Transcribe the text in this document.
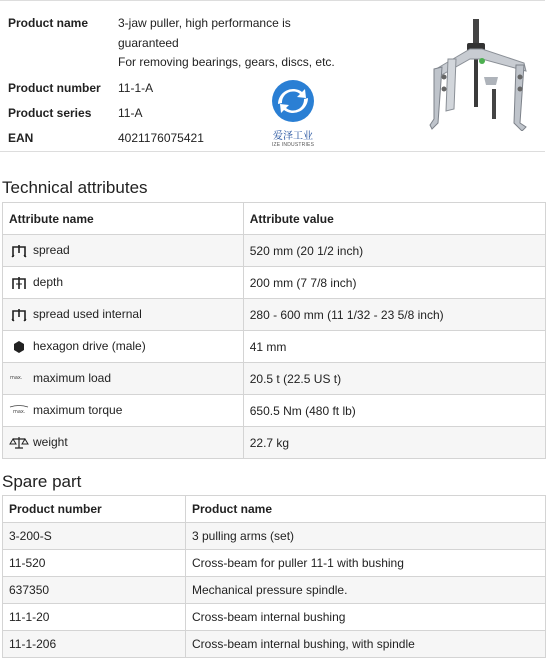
Product name 3-jaw puller, high performance is
guaranteed
For removing bearings, gears, discs, etc.
Product number 11-1-A
Product series 11-A
EAN	4021176075421	爱泽工业
IZE INDUSTRIES
Technical attributes
Attribute name	Attribute value

spread	520 mm (20 1/2 inch)

depth	200 mm (7 7/8 inch)

spread used internal	280 - 600 mm (11 1/32 - 23 5/8 inch)

hexagon drive (male)	41 mm

max. maximum load	20.5 t (22.5 US t)

max. maximum torque	650.5 Nm (480 ft lb)

weight	22.7 kg
Spare part
Product number	Product name
3-200-S	3 pulling arms (set)
11-520	Cross-beam for puller 11-1 with bushing
637350	Mechanical pressure spindle.
11-1-20	Cross-beam internal bushing
11-1-206	Cross-beam internal bushing, with spindle
